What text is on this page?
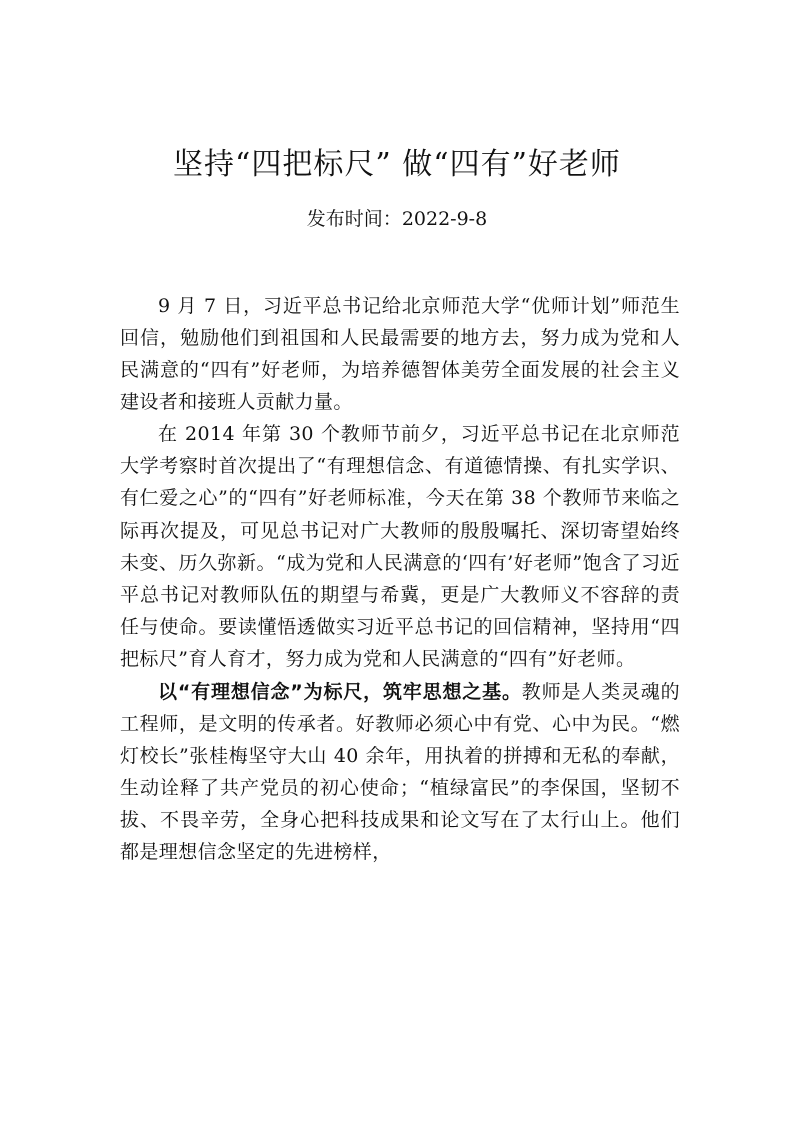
坚持“四把标尺” 做“四有”好老师
发布时间：2022-9-8

9 月 7 日，习近平总书记给北京师范大学“优师计划”师范生回信，勉励他们到祖国和人民最需要的地方去，努力成为党和人民满意的“四有”好老师，为培养德智体美劳全面发展的社会主义建设者和接班人贡献力量。

在 2014 年第 30 个教师节前夕，习近平总书记在北京师范大学考察时首次提出了“有理想信念、有道德情操、有扎实学识、有仁爱之心”的“四有”好老师标准，今天在第 38 个教师节来临之际再次提及，可见总书记对广大教师的殷殷嘱托、深切寄望始终未变、历久弥新。“成为党和人民满意的‘四有’好老师”饱含了习近平总书记对教师队伍的期望与希冀，更是广大教师义不容辞的责任与使命。要读懂悟透做实习近平总书记的回信精神，坚持用“四把标尺”育人育才，努力成为党和人民满意的“四有”好老师。

以“有理想信念”为标尺，筑牢思想之基。教师是人类灵魂的工程师，是文明的传承者。好教师必须心中有党、心中为民。“燃灯校长”张桂梅坚守大山 40 余年，用执着的拼搏和无私的奉献，生动诠释了共产党员的初心使命；“植绿富民”的李保国，坚韧不拔、不畏辛劳，全身心把科技成果和论文写在了太行山上。他们都是理想信念坚定的先进榜样，
